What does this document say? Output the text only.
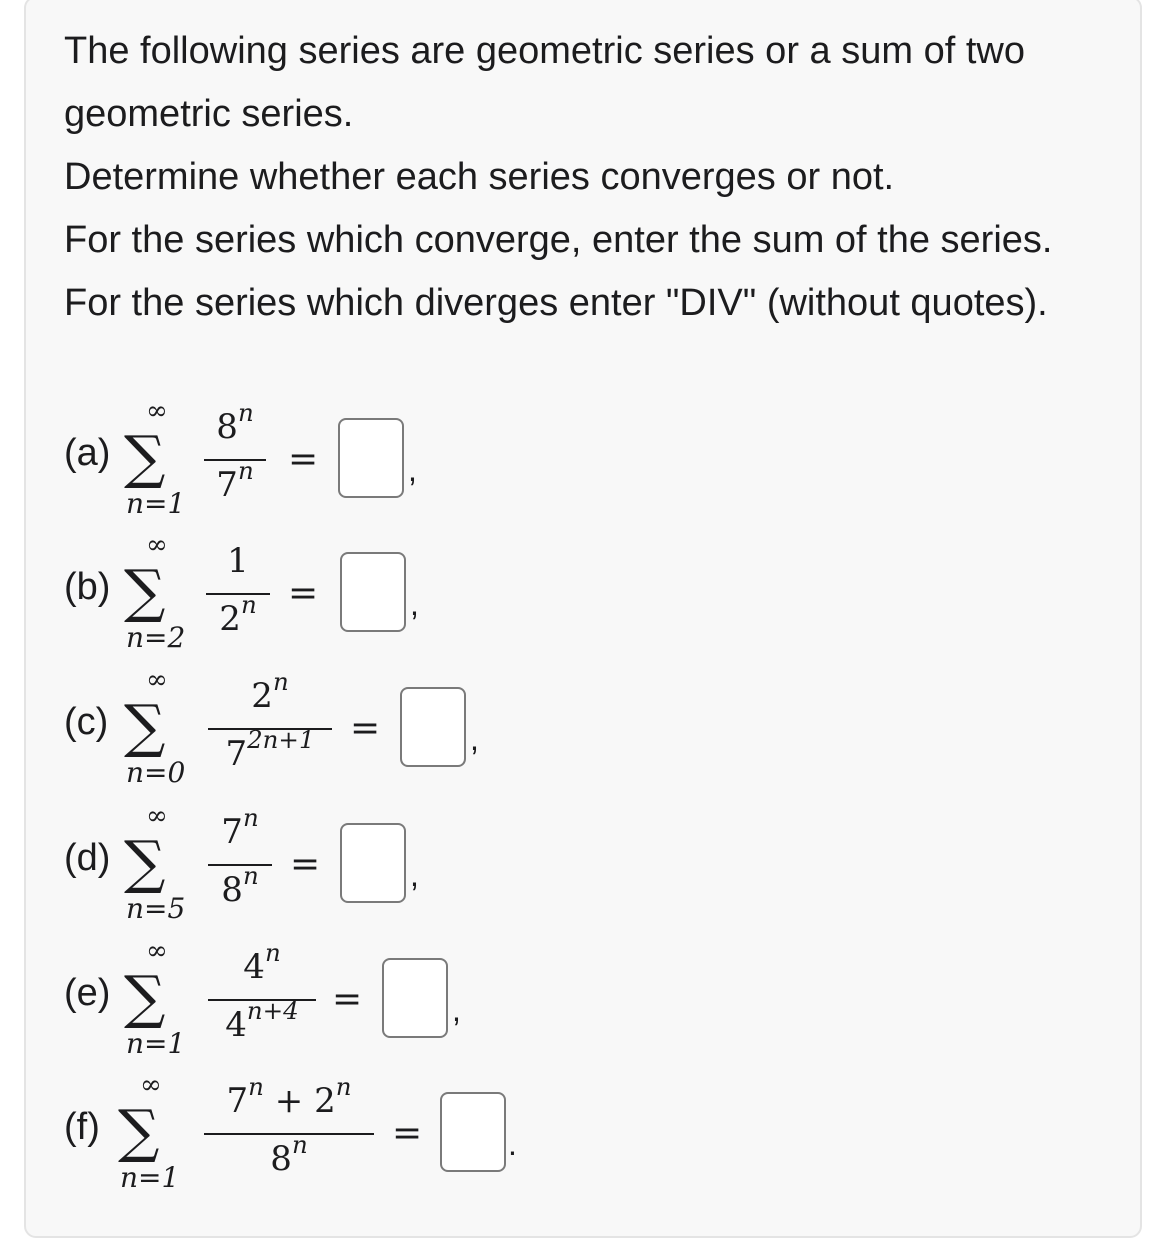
The following series are geometric series or a sum of two geometric series.

Determine whether each series converges or not.

For the series which converge, enter the sum of the series. For the series which diverges enter "DIV" (without quotes).

(a)
∞
∑
n=1
8$^n$
$7^n$ =	,
(b)
∞
∑
n=2
1
$2^n$ =	,
(c)
∞
∑
n=0
2$^n$
$7^{2n+1}$ =	,
(d)
∞
∑
n=5
7$^n$
$8^n$ =	,
(e)
∞
∑
n=1
4$^n$
$4^{n+4}$ =	,
(f)
∞
∑
n=1
$7^n + 2^n$
$8^n$	=	.
